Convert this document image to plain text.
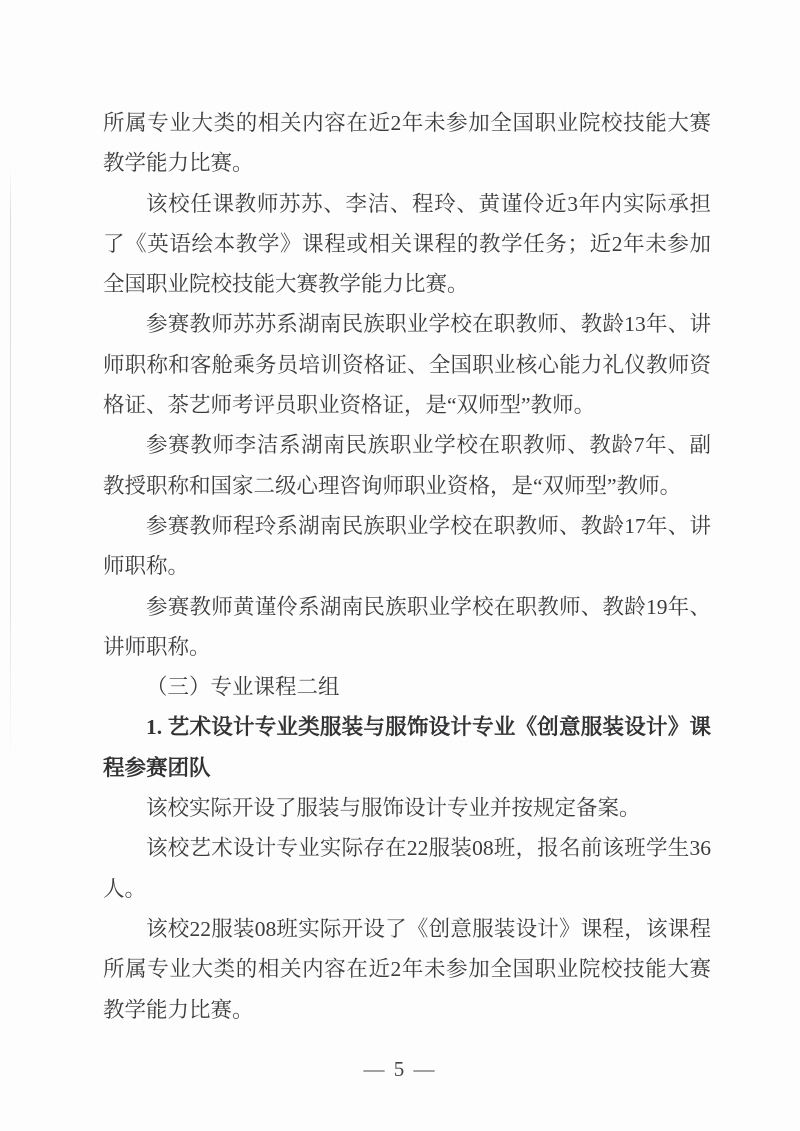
所属专业大类的相关内容在近2年未参加全国职业院校技能大赛
教学能力比赛。
该校任课教师苏苏、李洁、程玲、黄谨伶近3年内实际承担
了《英语绘本教学》课程或相关课程的教学任务；近2年未参加
全国职业院校技能大赛教学能力比赛。
参赛教师苏苏系湖南民族职业学校在职教师、教龄13年、讲
师职称和客舱乘务员培训资格证、全国职业核心能力礼仪教师资
格证、茶艺师考评员职业资格证，是“双师型”教师。
参赛教师李洁系湖南民族职业学校在职教师、教龄7年、副
教授职称和国家二级心理咨询师职业资格，是“双师型”教师。
参赛教师程玲系湖南民族职业学校在职教师、教龄17年、讲
师职称。
参赛教师黄谨伶系湖南民族职业学校在职教师、教龄19年、
讲师职称。
（三）专业课程二组
1. 艺术设计专业类服装与服饰设计专业《创意服装设计》课
程参赛团队
该校实际开设了服装与服饰设计专业并按规定备案。
该校艺术设计专业实际存在22服装08班，报名前该班学生36
人。
该校22服装08班实际开设了《创意服装设计》课程，该课程
所属专业大类的相关内容在近2年未参加全国职业院校技能大赛
教学能力比赛。
— 5 —
